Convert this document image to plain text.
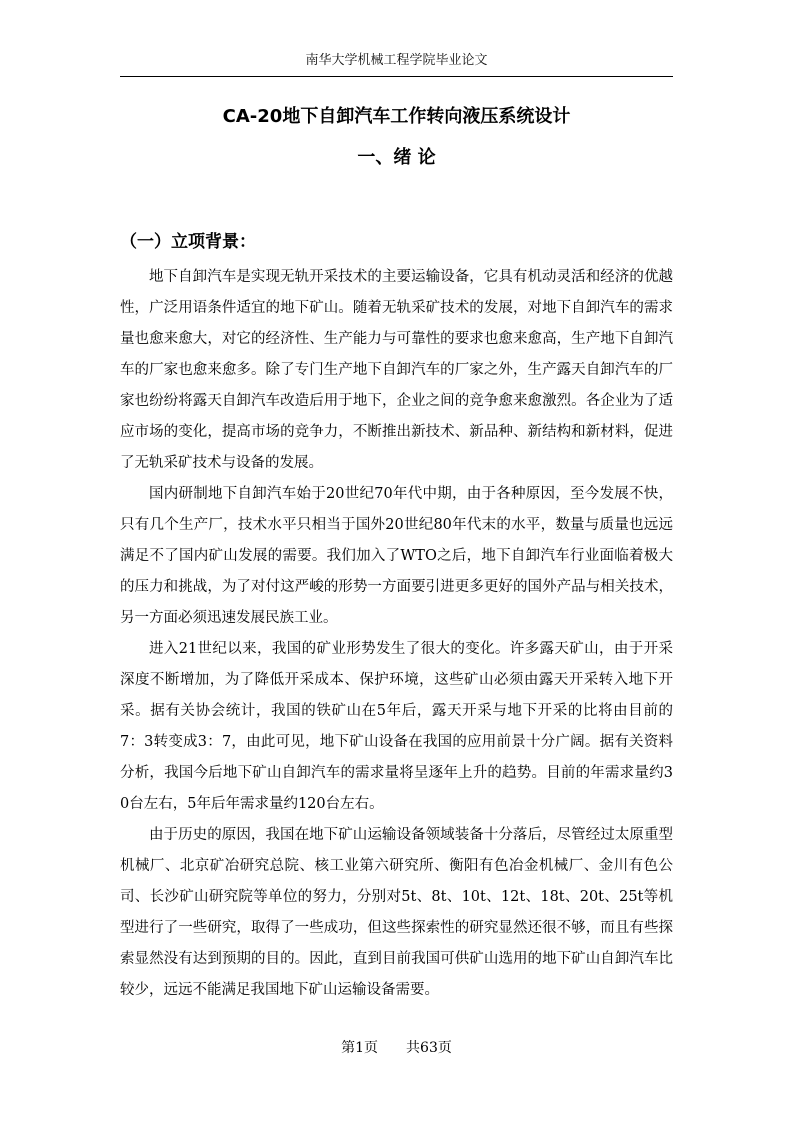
南华大学机械工程学院毕业论文
CA-20地下自卸汽车工作转向液压系统设计
一、绪 论
（一）立项背景：

地下自卸汽车是实现无轨开采技术的主要运输设备，它具有机动灵活和经济的优越性，广泛用语条件适宜的地下矿山。随着无轨采矿技术的发展，对地下自卸汽车的需求量也愈来愈大，对它的经济性、生产能力与可靠性的要求也愈来愈高，生产地下自卸汽车的厂家也愈来愈多。除了专门生产地下自卸汽车的厂家之外，生产露天自卸汽车的厂家也纷纷将露天自卸汽车改造后用于地下，企业之间的竞争愈来愈激烈。各企业为了适应市场的变化，提高市场的竞争力，不断推出新技术、新品种、新结构和新材料，促进了无轨采矿技术与设备的发展。

国内研制地下自卸汽车始于20世纪70年代中期，由于各种原因，至今发展不快，只有几个生产厂，技术水平只相当于国外20世纪80年代末的水平，数量与质量也远远满足不了国内矿山发展的需要。我们加入了WTO之后，地下自卸汽车行业面临着极大的压力和挑战，为了对付这严峻的形势一方面要引进更多更好的国外产品与相关技术，另一方面必须迅速发展民族工业。

进入21世纪以来，我国的矿业形势发生了很大的变化。许多露天矿山，由于开采深度不断增加，为了降低开采成本、保护环境，这些矿山必须由露天开采转入地下开采。据有关协会统计，我国的铁矿山在5年后，露天开采与地下开采的比将由目前的7：3转变成3：7，由此可见，地下矿山设备在我国的应用前景十分广阔。据有关资料分析，我国今后地下矿山自卸汽车的需求量将呈逐年上升的趋势。目前的年需求量约30台左右，5年后年需求量约120台左右。

由于历史的原因，我国在地下矿山运输设备领域装备十分落后，尽管经过太原重型机械厂、北京矿冶研究总院、核工业第六研究所、衡阳有色冶金机械厂、金川有色公司、长沙矿山研究院等单位的努力，分别对5t、8t、10t、12t、18t、20t、25t等机型进行了一些研究，取得了一些成功，但这些探索性的研究显然还很不够，而且有些探索显然没有达到预期的目的。因此，直到目前我国可供矿山选用的地下矿山自卸汽车比较少，远远不能满足我国地下矿山运输设备需要。

第1页 共63页
